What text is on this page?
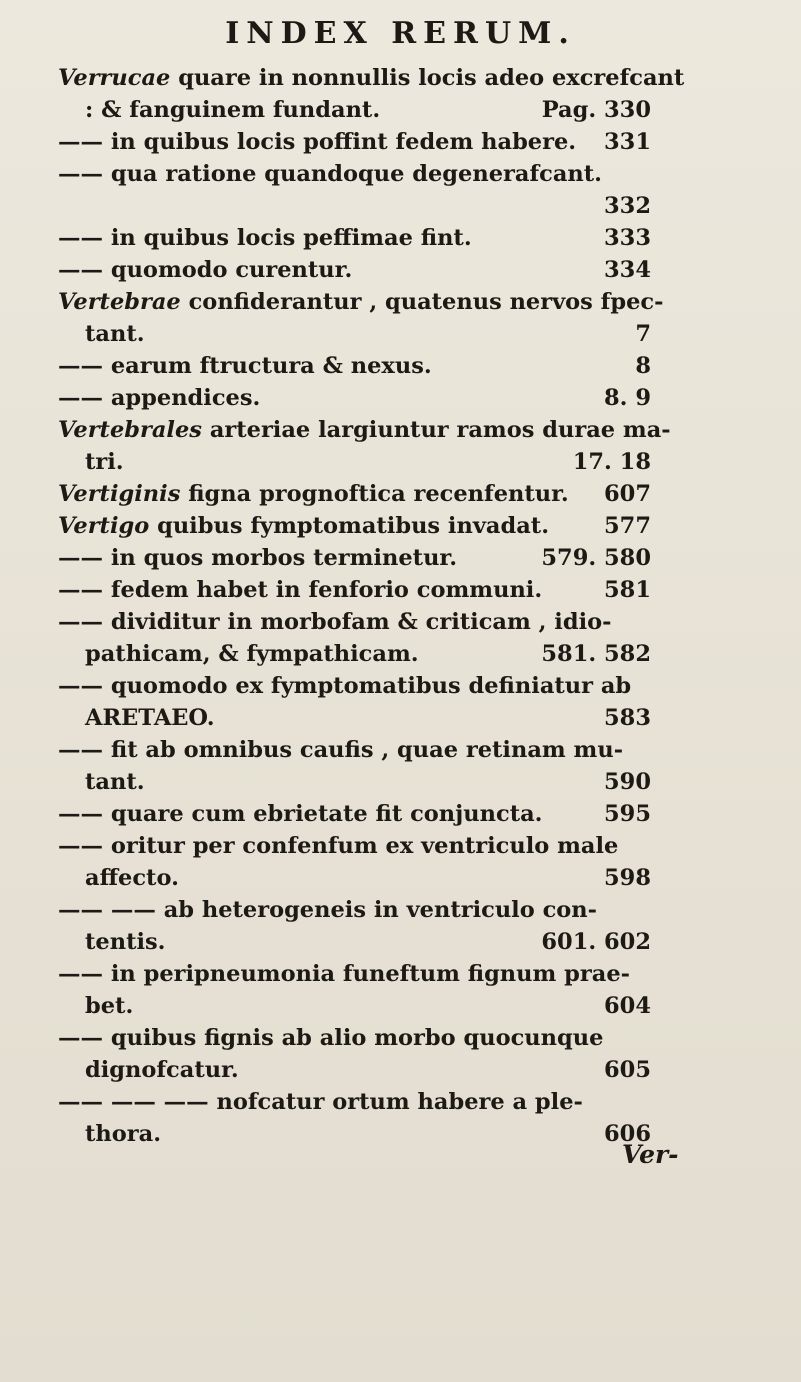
INDEX RERUM.
Verrucae quare in nonnullis locis adeo excrefcant
: & fanguinem fundant.	Pag. 330
—— in quibus locis poffint fedem habere. 331
—— qua ratione quandoque degenerafcant.
332
—— in quibus locis peffimae fint.	333
—— quomodo curentur.	334
Vertebrae confiderantur , quatenus nervos fpec-
tant.	7
—— earum ftructura & nexus.	8
—— appendices.	8. 9
Vertebrales arteriae largiuntur ramos durae ma-
tri.	17. 18
Vertiginis figna prognoftica recenfentur. 607
Vertigo quibus fymptomatibus invadat. 577
—— in quos morbos terminetur.	579. 580
—— fedem habet in fenforio communi.	581
—— dividitur in morbofam & criticam , idio-
pathicam, & fympathicam.	581. 582
—— quomodo ex fymptomatibus definiatur ab
ARETAEO.	583
—— fit ab omnibus caufis , quae retinam mu-
tant.	590
—— quare cum ebrietate fit conjuncta.	595
—— oritur per confenfum ex ventriculo male
affecto.	598
—— —— ab heterogeneis in ventriculo con-
tentis.	601. 602
—— in peripneumonia funeftum fignum prae-
bet.	604
—— quibus fignis ab alio morbo quocunque
dignofcatur.	605
—— —— —— nofcatur ortum habere a ple-
thora.	606
Ver-
